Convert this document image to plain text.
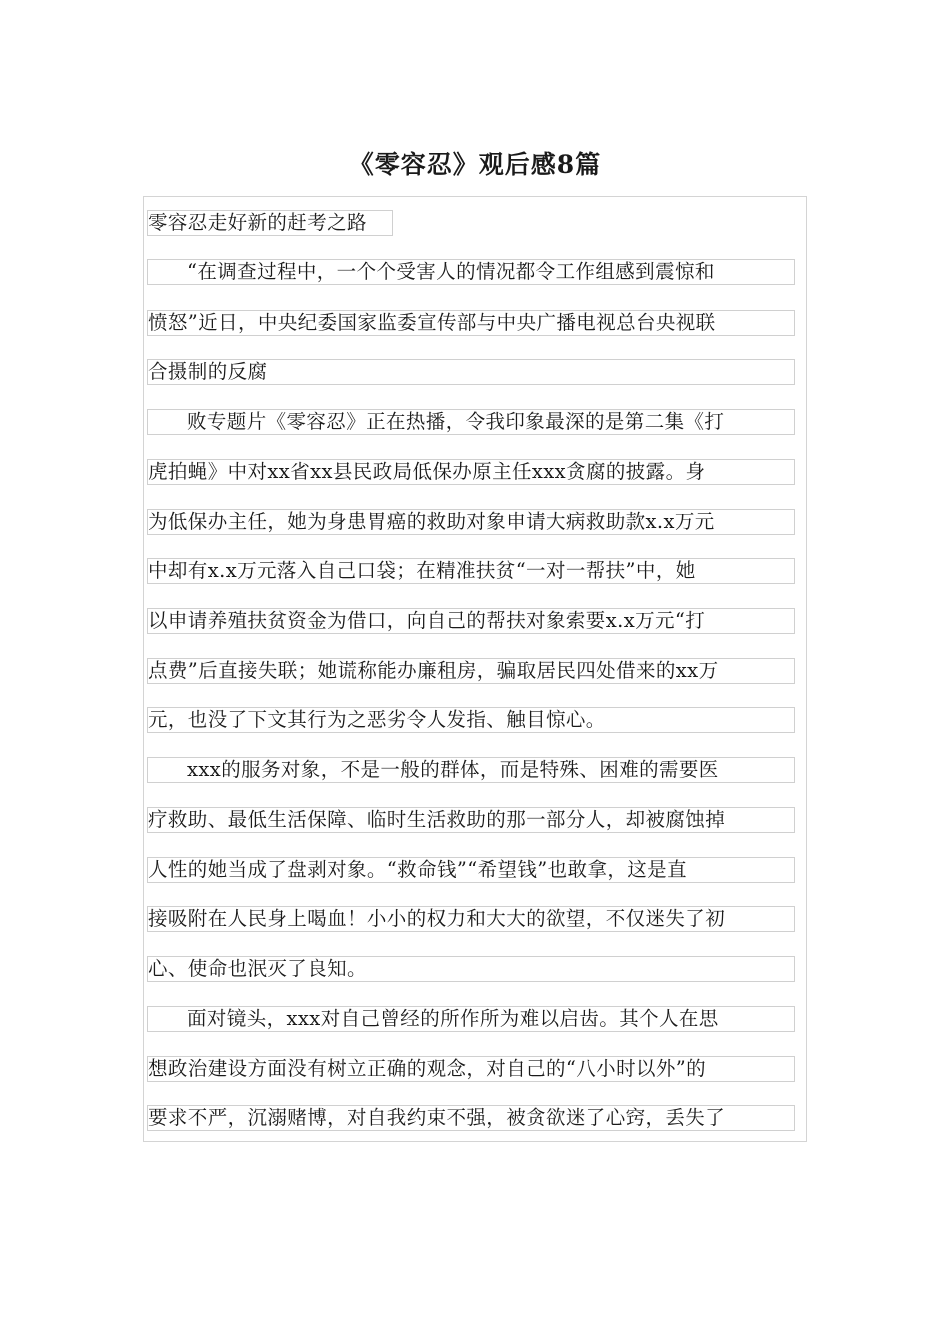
《零容忍》观后感8篇
零容忍走好新的赶考之路
“在调查过程中，一个个受害人的情况都令工作组感到震惊和
愤怒”近日，中央纪委国家监委宣传部与中央广播电视总台央视联
合摄制的反腐
败专题片《零容忍》正在热播，令我印象最深的是第二集《打
虎拍蝇》中对xx省xx县民政局低保办原主任xxx贪腐的披露。身
为低保办主任，她为身患胃癌的救助对象申请大病救助款x.x万元
中却有x.x万元落入自己口袋；在精准扶贫“一对一帮扶”中，她
以申请养殖扶贫资金为借口，向自己的帮扶对象索要x.x万元“打
点费”后直接失联；她谎称能办廉租房，骗取居民四处借来的xx万
元，也没了下文其行为之恶劣令人发指、触目惊心。
xxx的服务对象，不是一般的群体，而是特殊、困难的需要医
疗救助、最低生活保障、临时生活救助的那一部分人，却被腐蚀掉
人性的她当成了盘剥对象。“救命钱”“希望钱”也敢拿，这是直
接吸附在人民身上喝血！小小的权力和大大的欲望，不仅迷失了初
心、使命也泯灭了良知。
面对镜头，xxx对自己曾经的所作所为难以启齿。其个人在思
想政治建设方面没有树立正确的观念，对自己的“八小时以外”的
要求不严，沉溺赌博，对自我约束不强，被贪欲迷了心窍，丢失了
